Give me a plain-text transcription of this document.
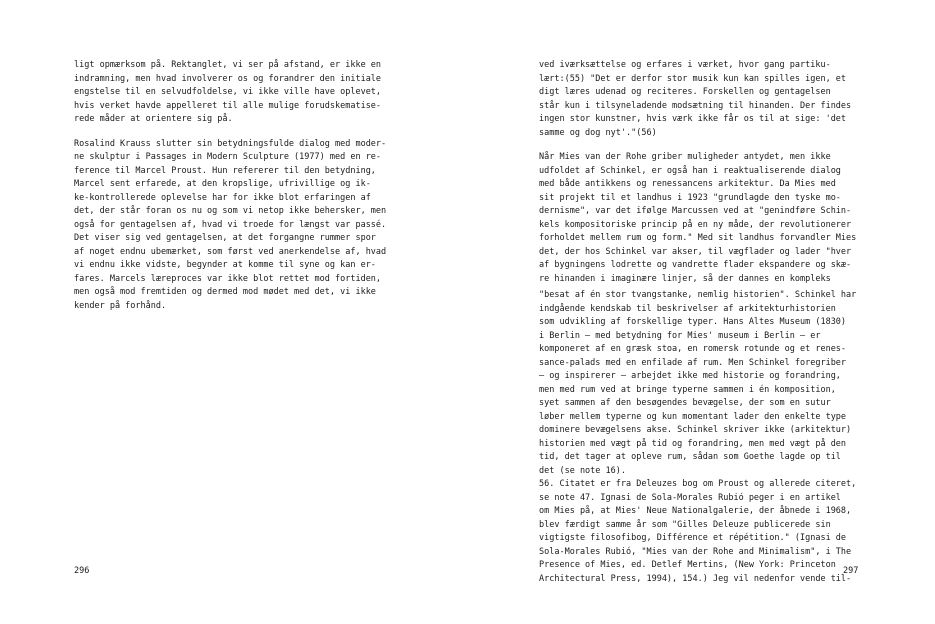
ligt opmærksom på. Rektanglet, vi ser på afstand, er ikke en
indramning, men hvad involverer os og forandrer den initiale
engstelse til en selvudfoldelse, vi ikke ville have oplevet,
hvis verket havde appelleret til alle mulige forudskematise-
rede måder at orientere sig på.

Rosalind Krauss slutter sin betydningsfulde dialog med moder-
ne skulptur i Passages in Modern Sculpture (1977) med en re-
ference til Marcel Proust. Hun refererer til den betydning,
Marcel sent erfarede, at den kropslige, ufrivillige og ik-
ke-kontrollerede oplevelse har for ikke blot erfaringen af
det, der står foran os nu og som vi netop ikke behersker, men
også for gentagelsen af, hvad vi troede for længst var passé.
Det viser sig ved gentagelsen, at det forgangne rummer spor
af noget endnu ubemærket, som først ved anerkendelse af, hvad
vi endnu ikke vidste, begynder at komme til syne og kan er-
fares. Marcels læreproces var ikke blot rettet mod fortiden,
men også mod fremtiden og dermed mod mødet med det, vi ikke
kender på forhånd.

ved iværksættelse og erfares i værket, hvor gang partiku-
lært:(55) "Det er derfor stor musik kun kan spilles igen, et
digt læres udenad og reciteres. Forskellen og gentagelsen
står kun i tilsyneladende modsætning til hinanden. Der findes
ingen stor kunstner, hvis værk ikke får os til at sige: 'det
samme og dog nyt'."(56)

Når Mies van der Rohe griber muligheder antydet, men ikke
udfoldet af Schinkel, er også han i reaktualiserende dialog
med både antikkens og renessancens arkitektur. Da Mies med
sit projekt til et landhus i 1923 "grundlagde den tyske mo-
dernisme", var det ifølge Marcussen ved at "genindføre Schin-
kels kompositoriske princip på en ny måde, der revolutionerer
forholdet mellem rum og form." Med sit landhus forvandler Mies
det, der hos Schinkel var akser, til vægflader og lader "hver
af bygningens lodrette og vandrette flader ekspandere og skæ-
re hinanden i imaginære linjer, så der dannes en kompleks

"besat af én stor tvangstanke, nemlig historien". Schinkel har
indgående kendskab til beskrivelser af arkitekturhistorien
som udvikling af forskellige typer. Hans Altes Museum (1830)
i Berlin — med betydning for Mies' museum i Berlin — er
komponeret af en græsk stoa, en romersk rotunde og et renes-
sance-palads med en enfilade af rum. Men Schinkel foregriber
— og inspirerer — arbejdet ikke med historie og forandring,
men med rum ved at bringe typerne sammen i én komposition,
syet sammen af den besøgendes bevægelse, der som en sutur
løber mellem typerne og kun momentant lader den enkelte type
dominere bevægelsens akse. Schinkel skriver ikke (arkitektur)
historien med vægt på tid og forandring, men med vægt på den
tid, det tager at opleve rum, sådan som Goethe lagde op til
det (se note 16).

56. Citatet er fra Deleuzes bog om Proust og allerede citeret,
se note 47. Ignasi de Sola-Morales Rubió peger i en artikel
om Mies på, at Mies' Neue Nationalgalerie, der åbnede i 1968,
blev færdigt samme år som "Gilles Deleuze publicerede sin
vigtigste filosofibog, Différence et répétition." (Ignasi de
Sola-Morales Rubió, "Mies van der Rohe and Minimalism", i The
Presence of Mies, ed. Detlef Mertins, (New York: Princeton
Architectural Press, 1994), 154.) Jeg vil nedenfor vende til-

296	297
